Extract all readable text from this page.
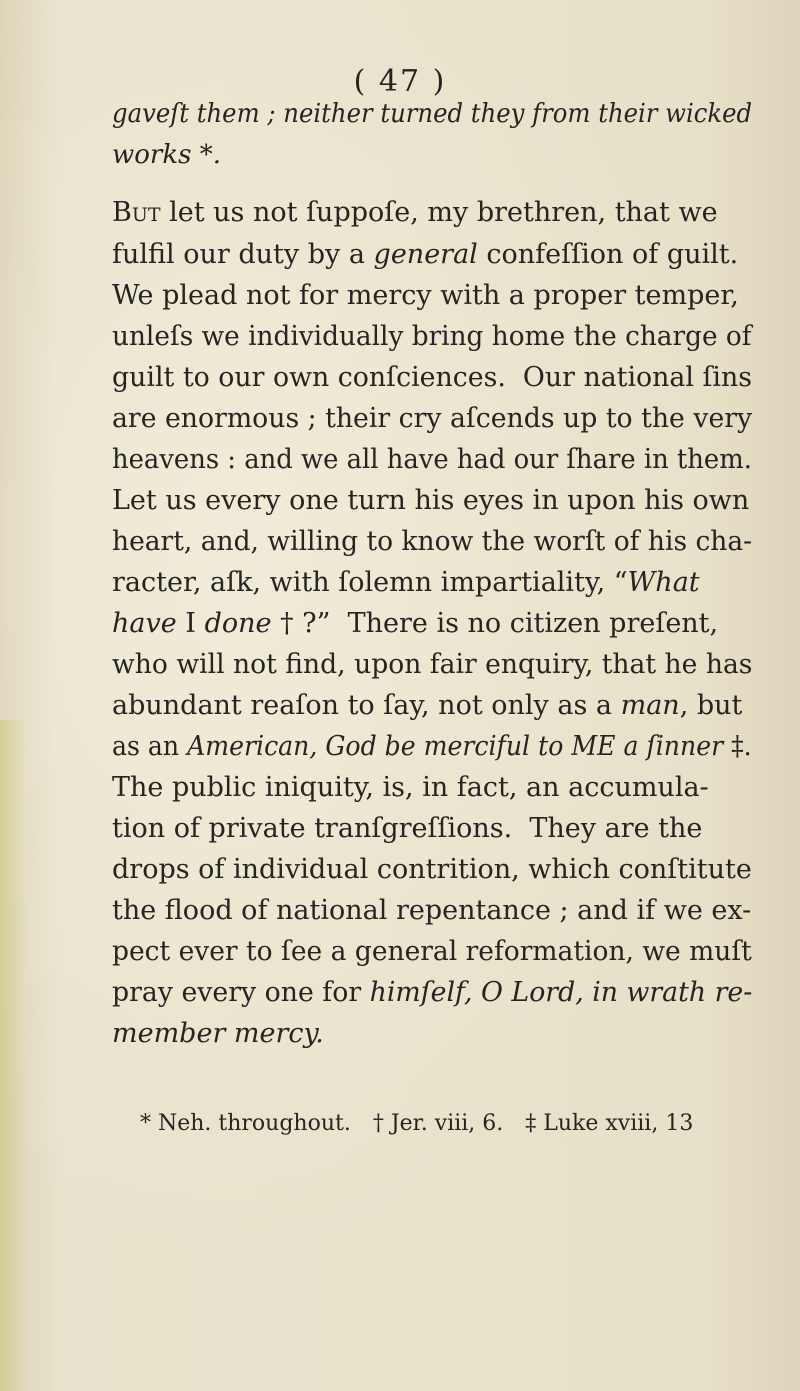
( 47 )
gaveſt them ; neither turned they from their wicked
works *.
But let us not ſuppoſe, my brethren, that we
fulfil our duty by a general confeſſion of guilt.
We plead not for mercy with a proper temper,
unleſs we individually bring home the charge of
guilt to our own conſciences.  Our national ſins
are enormous ; their cry aſcends up to the very
heavens : and we all have had our ſhare in them.
Let us every one turn his eyes in upon his own
heart, and, willing to know the worſt of his cha-
racter, aſk, with ſolemn impartiality, “What
have I done † ?”  There is no citizen preſent,
who will not find, upon fair enquiry, that he has
abundant reaſon to ſay, not only as a man, but
as an American, God be merciful to ME a ſinner ‡.
The public iniquity, is, in fact, an accumula-
tion of private tranſgreſſions.  They are the
drops of individual contrition, which conſtitute
the flood of national repentance ; and if we ex-
pect ever to ſee a general reformation, we muſt
pray every one for himſelf, O Lord, in wrath re-
member mercy.

* Neh. throughout. † Jer. viii, 6. ‡ Luke xviii, 13
